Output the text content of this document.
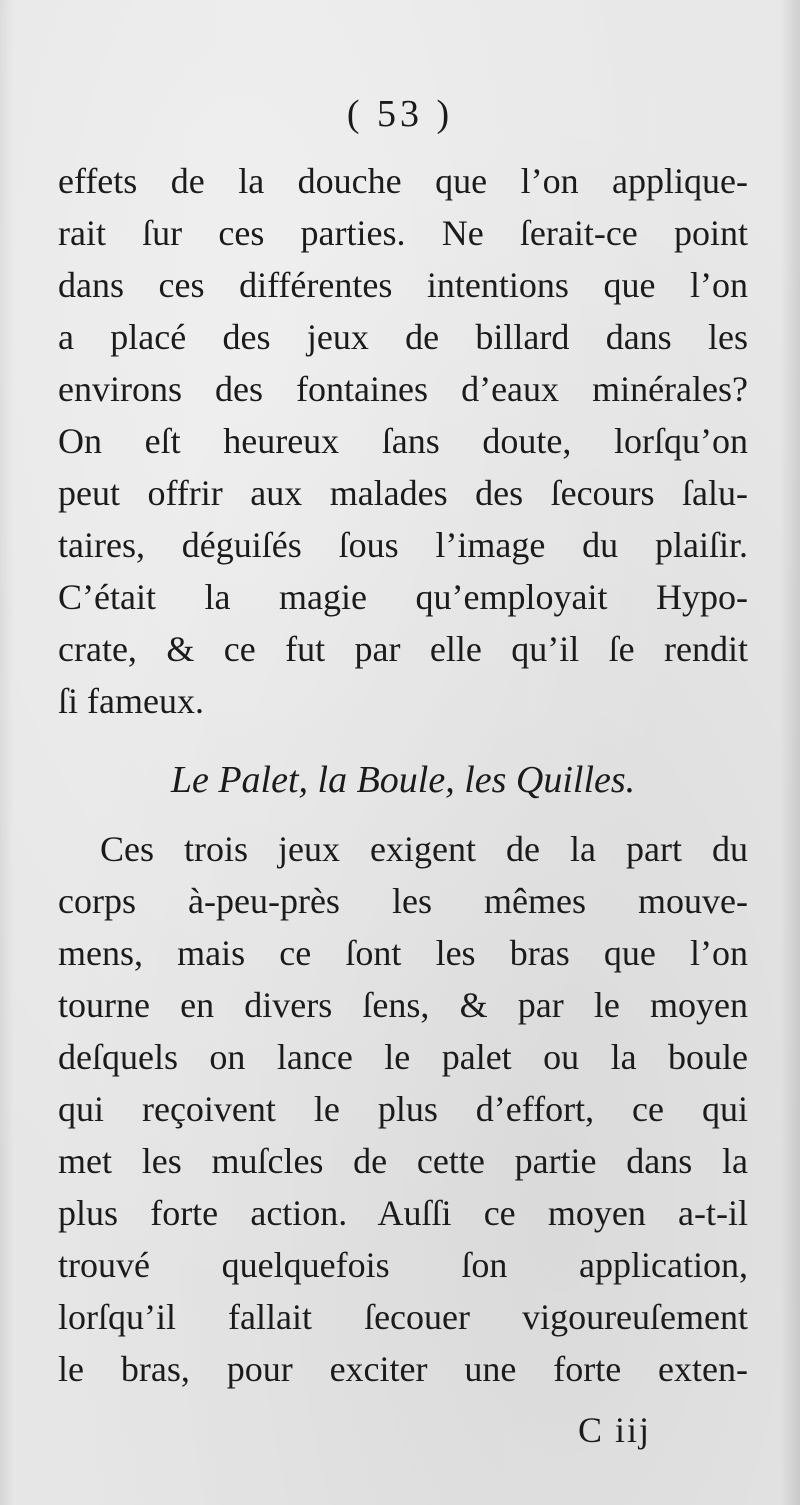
( 53 )
effets de la douche que l’on applique-
rait ſur ces parties. Ne ſerait-ce point
dans ces différentes intentions que l’on
a placé des jeux de billard dans les
environs des fontaines d’eaux minérales?
On eſt heureux ſans doute, lorſqu’on
peut offrir aux malades des ſecours ſalu-
taires, déguiſés ſous l’image du plaiſir.
C’était la magie qu’employait Hypo-
crate, & ce fut par elle qu’il ſe rendit
ſi fameux.
Le Palet, la Boule, les Quilles.
Ces trois jeux exigent de la part du
corps à-peu-près les mêmes mouve-
mens, mais ce ſont les bras que l’on
tourne en divers ſens, & par le moyen
deſquels on lance le palet ou la boule
qui reçoivent le plus d’effort, ce qui
met les muſcles de cette partie dans la
plus forte action. Auſſi ce moyen a-t-il
trouvé quelquefois ſon application,
lorſqu’il fallait ſecouer vigoureuſement
le bras, pour exciter une forte exten-
C iij
